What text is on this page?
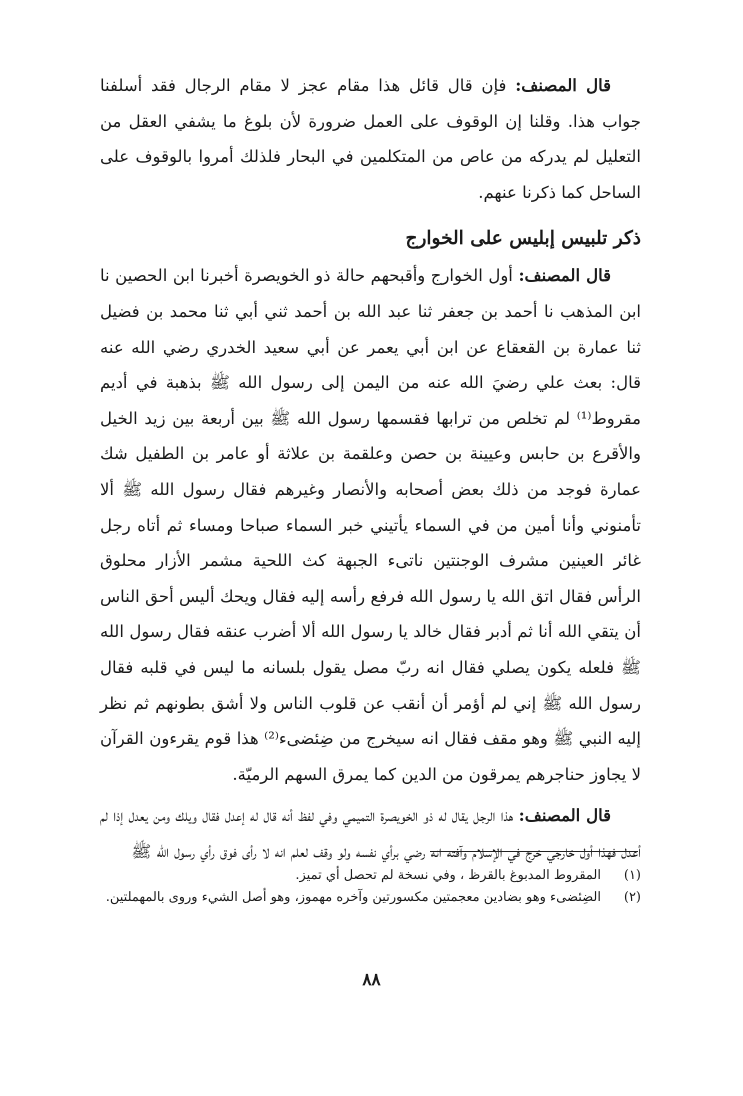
قال المصنف: فإن قال قائل هذا مقام عجز لا مقام الرجال فقد أسلفنا جواب هذا. وقلنا إن الوقوف على العمل ضرورة لأن بلوغ ما يشفي العقل من التعليل لم يدركه من عاص من المتكلمين في البحار فلذلك أمروا بالوقوف على الساحل كما ذكرنا عنهم.

ذكر تلبيس إبليس على الخوارج

قال المصنف: أول الخوارج وأقبحهم حالة ذو الخويصرة أخبرنا ابن الحصين نا ابن المذهب نا أحمد بن جعفر ثنا عبد الله بن أحمد ثني أبي ثنا محمد بن فضيل ثنا عمارة بن القعقاع عن ابن أبي يعمر عن أبي سعيد الخدري رضي الله عنه قال: بعث علي رضيَ الله عنه من اليمن إلى رسول الله ﷺ بذهبة في أديم مقروط⁽¹⁾ لم تخلص من ترابها فقسمها رسول الله ﷺ بين أربعة بين زيد الخيل والأقرع بن حابس وعيينة بن حصن وعلقمة بن علاثة أو عامر بن الطفيل شك عمارة فوجد من ذلك بعض أصحابه والأنصار وغيرهم فقال رسول الله ﷺ ألا تأمنوني وأنا أمين من في السماء يأتيني خبر السماء صباحا ومساء ثم أتاه رجل غائر العينين مشرف الوجنتين ناتىء الجبهة كث اللحية مشمر الأزار محلوق الرأس فقال اتق الله يا رسول الله فرفع رأسه إليه فقال ويحك أليس أحق الناس أن يتقي الله أنا ثم أدبر فقال خالد يا رسول الله ألا أضرب عنقه فقال رسول الله ﷺ فلعله يكون يصلي فقال انه ربّ مصل يقول بلسانه ما ليس في قلبه فقال رسول الله ﷺ إني لم أؤمر أن أنقب عن قلوب الناس ولا أشق بطونهم ثم نظر إليه النبي ﷺ وهو مقف فقال انه سيخرج من ضِئضىء⁽²⁾ هذا قوم يقرءون القرآن لا يجاوز حناجرهم يمرقون من الدين كما يمرق السهم الرميّة.

قال المصنف: هذا الرجل يقال له ذو الخويصرة التميمي وفي لفظ أنه قال له إعدل فقال ويلك ومن يعدل إذا لم أعدل فهذا أول خارجي خرج في الإسلام وآفته انه رضي برأي نفسه ولو وقف لعلم انه لا رأى فوق رأي رسول الله ﷺ

(١)
المقروط المدبوغ بالقرظ ، وفي نسخة لم تحصل أي تميز.
(٢)
الضِئضىء وهو بضادين معجمتين مكسورتين وآخره مهموز، وهو أصل الشيء وروى بالمهملتين.
٨٨
